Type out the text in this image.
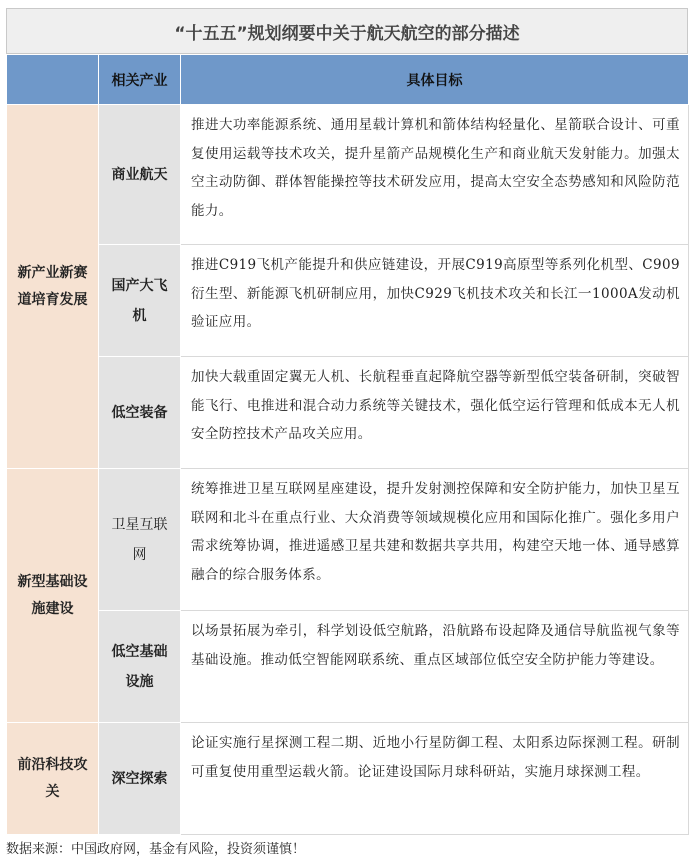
“十五五”规划纲要中关于航天航空的部分描述
	相关产业	具体目标
新产业新赛道培育发展	商业航天	推进大功率能源系统、通用星载计算机和箭体结构轻量化、星箭联合设计、可重复使用运载等技术攻关，提升星箭产品规模化生产和商业航天发射能力。加强太空主动防御、群体智能操控等技术研发应用，提高太空安全态势感知和风险防范能力。
	国产大飞机	推进C919飞机产能提升和供应链建设，开展C919高原型等系列化机型、C909衍生型、新能源飞机研制应用，加快C929飞机技术攻关和长江一1000A发动机验证应用。
	低空装备	加快大载重固定翼无人机、长航程垂直起降航空器等新型低空装备研制，突破智能飞行、电推进和混合动力系统等关键技术，强化低空运行管理和低成本无人机安全防控技术产品攻关应用。
新型基础设施建设	卫星互联网	统筹推进卫星互联网星座建设，提升发射测控保障和安全防护能力，加快卫星互联网和北斗在重点行业、大众消费等领域规模化应用和国际化推广。强化多用户需求统筹协调，推进遥感卫星共建和数据共享共用，构建空天地一体、通导感算融合的综合服务体系。
	低空基础设施	以场景拓展为牵引，科学划设低空航路，沿航路布设起降及通信导航监视气象等基础设施。推动低空智能网联系统、重点区域部位低空安全防护能力等建设。
前沿科技攻关	深空探索	论证实施行星探测工程二期、近地小行星防御工程、太阳系边际探测工程。研制可重复使用重型运载火箭。论证建设国际月球科研站，实施月球探测工程。
数据来源：中国政府网，基金有风险，投资须谨慎！
